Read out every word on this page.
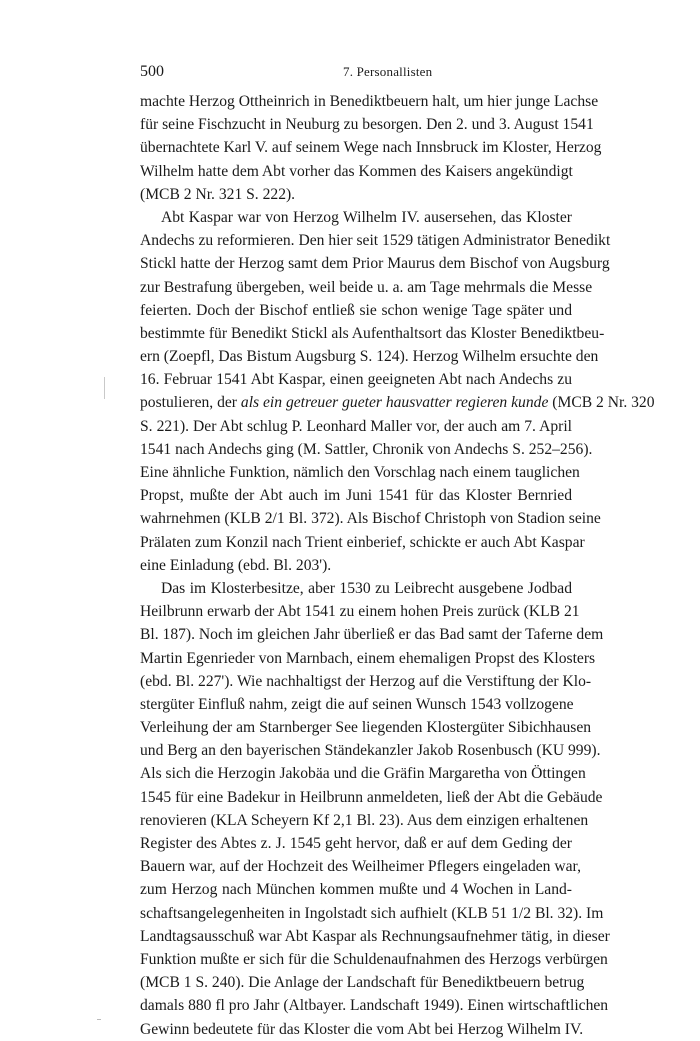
500	7. Personallisten
machte Herzog Ottheinrich in Benediktbeuern halt, um hier junge Lachse
für seine Fischzucht in Neuburg zu besorgen. Den 2. und 3. August 1541
übernachtete Karl V. auf seinem Wege nach Innsbruck im Kloster, Herzog
Wilhelm hatte dem Abt vorher das Kommen des Kaisers angekündigt
(MCB 2 Nr. 321 S. 222).
Abt Kaspar war von Herzog Wilhelm IV. ausersehen, das Kloster
Andechs zu reformieren. Den hier seit 1529 tätigen Administrator Benedikt
Stickl hatte der Herzog samt dem Prior Maurus dem Bischof von Augsburg
zur Bestrafung übergeben, weil beide u. a. am Tage mehrmals die Messe
feierten. Doch der Bischof entließ sie schon wenige Tage später und
bestimmte für Benedikt Stickl als Aufenthaltsort das Kloster Benediktbeu-
ern (Zoepfl, Das Bistum Augsburg S. 124). Herzog Wilhelm ersuchte den
16. Februar 1541 Abt Kaspar, einen geeigneten Abt nach Andechs zu
postulieren, der als ein getreuer gueter hausvatter regieren kunde (MCB 2 Nr. 320
S. 221). Der Abt schlug P. Leonhard Maller vor, der auch am 7. April
1541 nach Andechs ging (M. Sattler, Chronik von Andechs S. 252–256).
Eine ähnliche Funktion, nämlich den Vorschlag nach einem tauglichen
Propst, mußte der Abt auch im Juni 1541 für das Kloster Bernried
wahrnehmen (KLB 2/1 Bl. 372). Als Bischof Christoph von Stadion seine
Prälaten zum Konzil nach Trient einberief, schickte er auch Abt Kaspar
eine Einladung (ebd. Bl. 203').
Das im Klosterbesitze, aber 1530 zu Leibrecht ausgebene Jodbad
Heilbrunn erwarb der Abt 1541 zu einem hohen Preis zurück (KLB 21
Bl. 187). Noch im gleichen Jahr überließ er das Bad samt der Taferne dem
Martin Egenrieder von Marnbach, einem ehemaligen Propst des Klosters
(ebd. Bl. 227'). Wie nachhaltigst der Herzog auf die Verstiftung der Klo-
stergüter Einfluß nahm, zeigt die auf seinen Wunsch 1543 vollzogene
Verleihung der am Starnberger See liegenden Klostergüter Sibichhausen
und Berg an den bayerischen Ständekanzler Jakob Rosenbusch (KU 999).
Als sich die Herzogin Jakobäa und die Gräfin Margaretha von Öttingen
1545 für eine Badekur in Heilbrunn anmeldeten, ließ der Abt die Gebäude
renovieren (KLA Scheyern Kf 2,1 Bl. 23). Aus dem einzigen erhaltenen
Register des Abtes z. J. 1545 geht hervor, daß er auf dem Geding der
Bauern war, auf der Hochzeit des Weilheimer Pflegers eingeladen war,
zum Herzog nach München kommen mußte und 4 Wochen in Land-
schaftsangelegenheiten in Ingolstadt sich aufhielt (KLB 51 1/2 Bl. 32). Im
Landtagsausschuß war Abt Kaspar als Rechnungsaufnehmer tätig, in dieser
Funktion mußte er sich für die Schuldenaufnahmen des Herzogs verbürgen
(MCB 1 S. 240). Die Anlage der Landschaft für Benediktbeuern betrug
damals 880 fl pro Jahr (Altbayer. Landschaft 1949). Einen wirtschaftlichen
Gewinn bedeutete für das Kloster die vom Abt bei Herzog Wilhelm IV.
